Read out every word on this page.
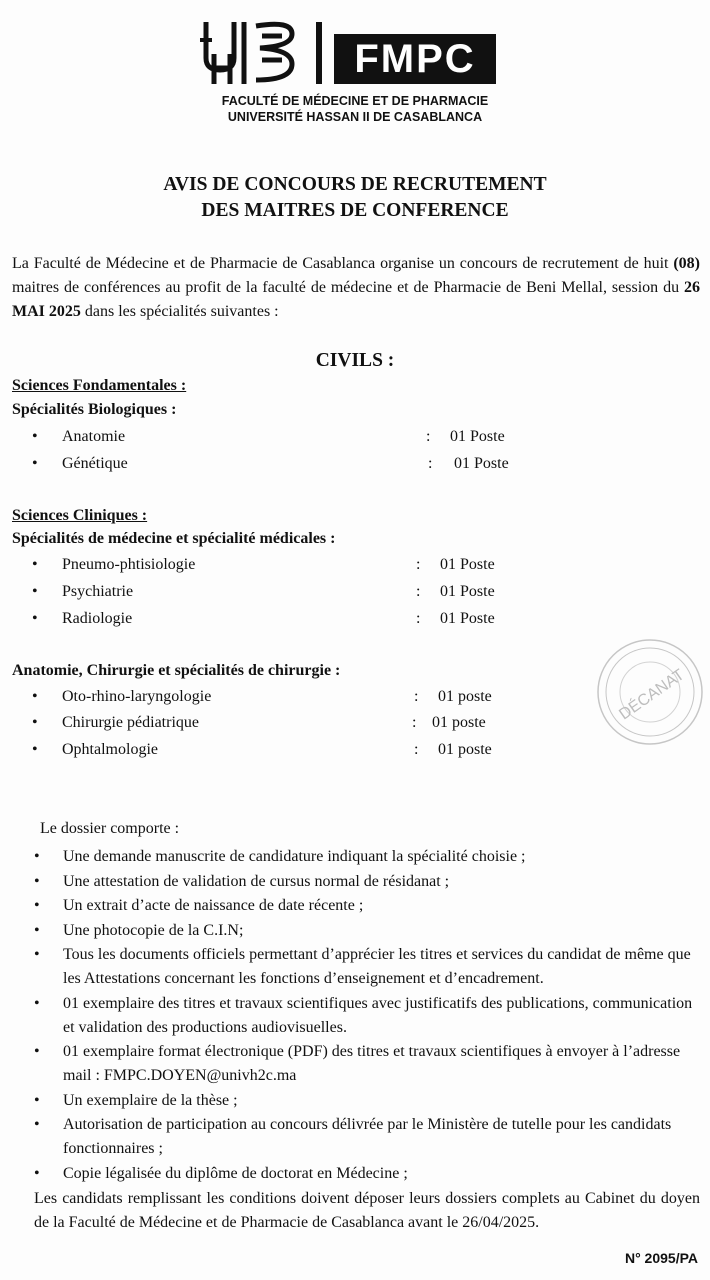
FMPC
FACULTÉ DE MÉDECINE ET DE PHARMACIE
UNIVERSITÉ HASSAN II DE CASABLANCA
AVIS DE CONCOURS DE RECRUTEMENT
DES MAITRES DE CONFERENCE
La Faculté de Médecine et de Pharmacie de Casablanca organise un concours de recrutement de huit (08) maitres de conférences au profit de la faculté de médecine et de Pharmacie de Beni Mellal, session du 26 MAI 2025 dans les spécialités suivantes :
CIVILS :
Sciences Fondamentales :
Spécialités Biologiques :
• Anatomie	: 01 Poste
• Génétique	: 01 Poste
Sciences Cliniques :
Spécialités de médecine et spécialité médicales :
• Pneumo-phtisiologie	: 01 Poste
• Psychiatrie	: 01 Poste
• Radiologie	: 01 Poste
Anatomie, Chirurgie et spécialités de chirurgie :
• Oto-rhino-laryngologie	: 01 poste
• Chirurgie pédiatrique	: 01 poste
• Ophtalmologie	: 01 poste
DÉCANAT
Le dossier comporte :
• Une demande manuscrite de candidature indiquant la spécialité choisie ;
• Une attestation de validation de cursus normal de résidanat ;
• Un extrait d’acte de naissance de date récente ;
• Une photocopie de la C.I.N;
• Tous les documents officiels permettant d’apprécier les titres et services du candidat de même que les Attestations concernant les fonctions d’enseignement et d’encadrement.
• 01 exemplaire des titres et travaux scientifiques avec justificatifs des publications, communication et validation des productions audiovisuelles.
• 01 exemplaire format électronique (PDF) des titres et travaux scientifiques à envoyer à l’adresse mail : FMPC.DOYEN@univh2c.ma
• Un exemplaire de la thèse ;
• Autorisation de participation au concours délivrée par le Ministère de tutelle pour les candidats fonctionnaires ;
• Copie légalisée du diplôme de doctorat en Médecine ;
Les candidats remplissant les conditions doivent déposer leurs dossiers complets au Cabinet du doyen de la Faculté de Médecine et de Pharmacie de Casablanca avant le 26/04/2025.
N° 2095/PA
